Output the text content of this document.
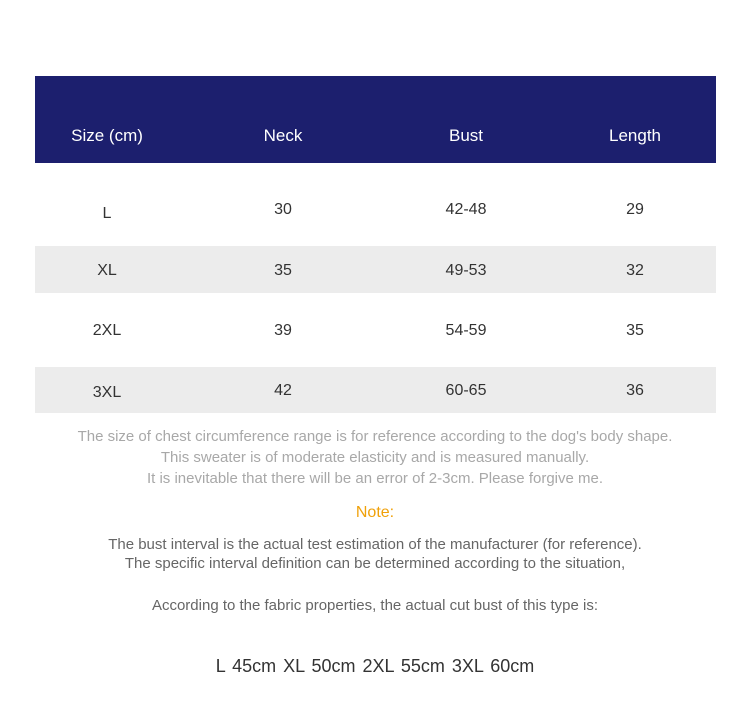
Size (cm)	Neck	Bust	Length
L	30	42-48	29
XL	35	49-53	32
2XL	39	54-59	35
3XL	42	60-65	36
The size of chest circumference range is for reference according to the dog's body shape.
This sweater is of moderate elasticity and is measured manually.
It is inevitable that there will be an error of 2-3cm. Please forgive me.
Note:
The bust interval is the actual test estimation of the manufacturer (for reference).
The specific interval definition can be determined according to the situation,
According to the fabric properties, the actual cut bust of this type is:
L 45cm XL 50cm 2XL 55cm 3XL 60cm
